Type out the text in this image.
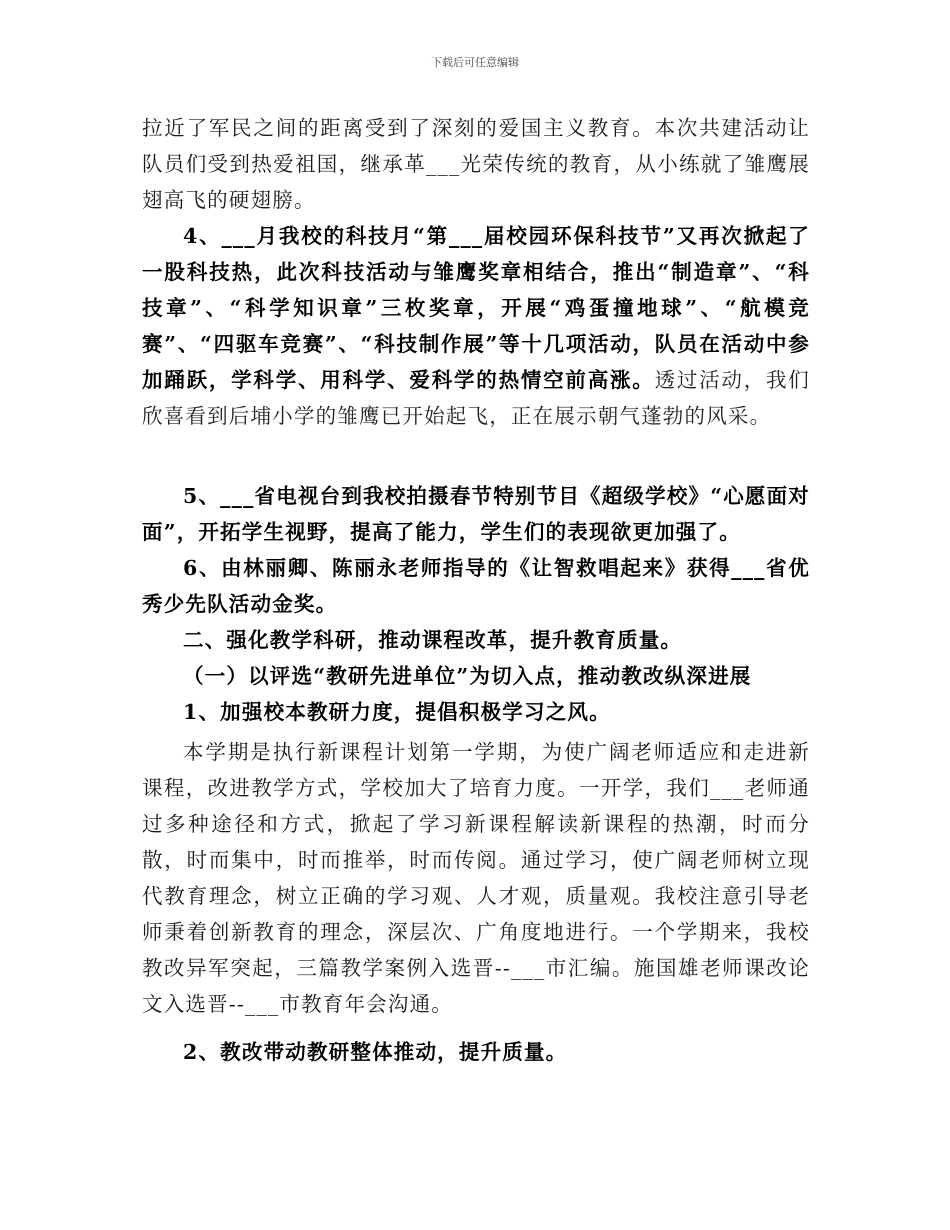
下载后可任意编辑

拉近了军民之间的距离受到了深刻的爱国主义教育。本次共建活动让队员们受到热爱祖国，继承革___光荣传统的教育，从小练就了雏鹰展翅高飞的硬翅膀。

4、___月我校的科技月“第___届校园环保科技节”又再次掀起了一股科技热，此次科技活动与雏鹰奖章相结合，推出“制造章”、“科技章”、“科学知识章”三枚奖章，开展“鸡蛋撞地球”、“航模竞赛”、“四驱车竞赛”、“科技制作展”等十几项活动，队员在活动中参加踊跃，学科学、用科学、爱科学的热情空前高涨。透过活动，我们欣喜看到后埔小学的雏鹰已开始起飞，正在展示朝气蓬勃的风采。

5、___省电视台到我校拍摄春节特别节目《超级学校》“心愿面对面”，开拓学生视野，提高了能力，学生们的表现欲更加强了。

6、由林丽卿、陈丽永老师指导的《让智救唱起来》获得___省优秀少先队活动金奖。

二、强化教学科研，推动课程改革，提升教育质量。

（一）以评选“教研先进单位”为切入点，推动教改纵深进展

1、加强校本教研力度，提倡积极学习之风。

本学期是执行新课程计划第一学期，为使广阔老师适应和走进新课程，改进教学方式，学校加大了培育力度。一开学，我们___老师通过多种途径和方式，掀起了学习新课程解读新课程的热潮，时而分散，时而集中，时而推举，时而传阅。通过学习，使广阔老师树立现代教育理念，树立正确的学习观、人才观，质量观。我校注意引导老师秉着创新教育的理念，深层次、广角度地进行。一个学期来，我校教改异军突起，三篇教学案例入选晋--___市汇编。施国雄老师课改论文入选晋--___市教育年会沟通。

2、教改带动教研整体推动，提升质量。
